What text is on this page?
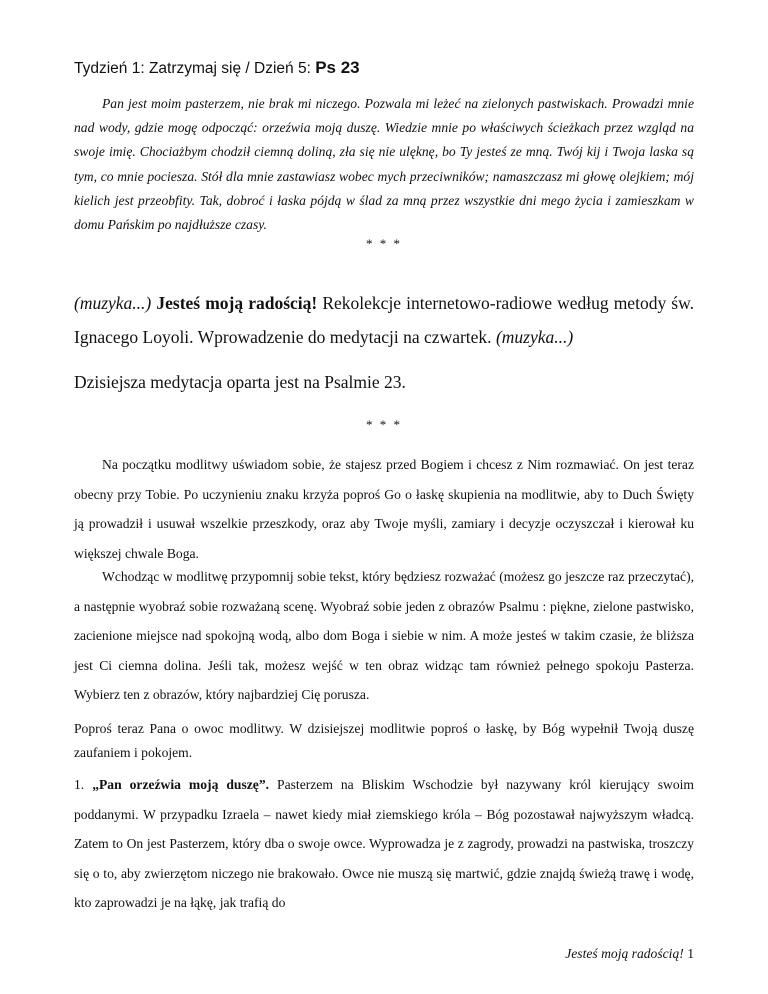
Tydzień 1: Zatrzymaj się / Dzień 5: Ps 23

Pan jest moim pasterzem, nie brak mi niczego. Pozwala mi leżeć na zielonych pastwiskach. Prowadzi mnie nad wody, gdzie mogę odpocząć: orzeźwia moją duszę. Wiedzie mnie po właściwych ścieżkach przez wzgląd na swoje imię. Chociażbym chodził ciemną doliną, zła się nie ulęknę, bo Ty jesteś ze mną. Twój kij i Twoja laska są tym, co mnie pociesza. Stół dla mnie zastawiasz wobec mych przeciwników; namaszczasz mi głowę olejkiem; mój kielich jest przeobfity. Tak, dobroć i łaska pójdą w ślad za mną przez wszystkie dni mego życia i zamieszkam w domu Pańskim po najdłuższe czasy.

* * *

(muzyka...) Jesteś moją radością! Rekolekcje internetowo-radiowe według metody św. Ignacego Loyoli. Wprowadzenie do medytacji na czwartek. (muzyka...)

Dzisiejsza medytacja oparta jest na Psalmie 23.

* * *

Na początku modlitwy uświadom sobie, że stajesz przed Bogiem i chcesz z Nim rozmawiać. On jest teraz obecny przy Tobie. Po uczynieniu znaku krzyża poproś Go o łaskę skupienia na modlitwie, aby to Duch Święty ją prowadził i usuwał wszelkie przeszkody, oraz aby Twoje myśli, zamiary i decyzje oczyszczał i kierował ku większej chwale Boga.

Wchodząc w modlitwę przypomnij sobie tekst, który będziesz rozważać (możesz go jeszcze raz przeczytać), a następnie wyobraź sobie rozważaną scenę. Wyobraź sobie jeden z obrazów Psalmu : piękne, zielone pastwisko, zacienione miejsce nad spokojną wodą, albo dom Boga i siebie w nim. A może jesteś w takim czasie, że bliższa jest Ci ciemna dolina. Jeśli tak, możesz wejść w ten obraz widząc tam również pełnego spokoju Pasterza. Wybierz ten z obrazów, który najbardziej Cię porusza.

Poproś teraz Pana o owoc modlitwy. W dzisiejszej modlitwie poproś o łaskę, by Bóg wypełnił Twoją duszę zaufaniem i pokojem.

1. „Pan orzeźwia moją duszę”. Pasterzem na Bliskim Wschodzie był nazywany król kierujący swoim poddanymi. W przypadku Izraela – nawet kiedy miał ziemskiego króla – Bóg pozostawał najwyższym władcą. Zatem to On jest Pasterzem, który dba o swoje owce. Wyprowadza je z zagrody, prowadzi na pastwiska, troszczy się o to, aby zwierzętom niczego nie brakowało. Owce nie muszą się martwić, gdzie znajdą świeżą trawę i wodę, kto zaprowadzi je na łąkę, jak trafią do

Jesteś moją radością! 1
